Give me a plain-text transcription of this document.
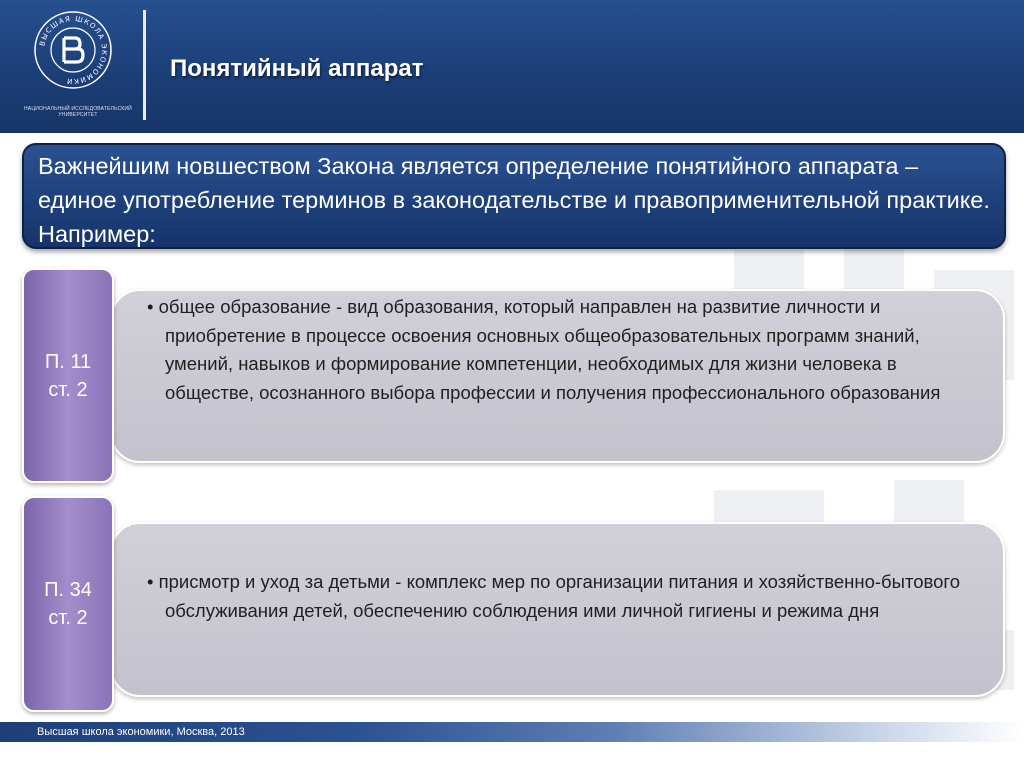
ВЫСШАЯ ШКОЛА ЭКОНОМИКИ
НАЦИОНАЛЬНЫЙ ИССЛЕДОВАТЕЛЬСКИЙ
УНИВЕРСИТЕТ
Понятийный аппарат
Важнейшим новшеством Закона является определение понятийного аппарата – единое употребление терминов в законодательстве и правоприменительной практике. Например:
• общее образование - вид образования, который направлен на развитие личности и приобретение в процессе освоения основных общеобразовательных программ знаний, умений, навыков и формирование компетенции, необходимых для жизни человека в обществе, осознанного выбора профессии и получения профессионального образования
П. 11
ст. 2
• присмотр и уход за детьми - комплекс мер по организации питания и хозяйственно-бытового обслуживания детей, обеспечению соблюдения ими личной гигиены и режима дня
П. 34
ст. 2
Высшая школа экономики, Москва, 2013
